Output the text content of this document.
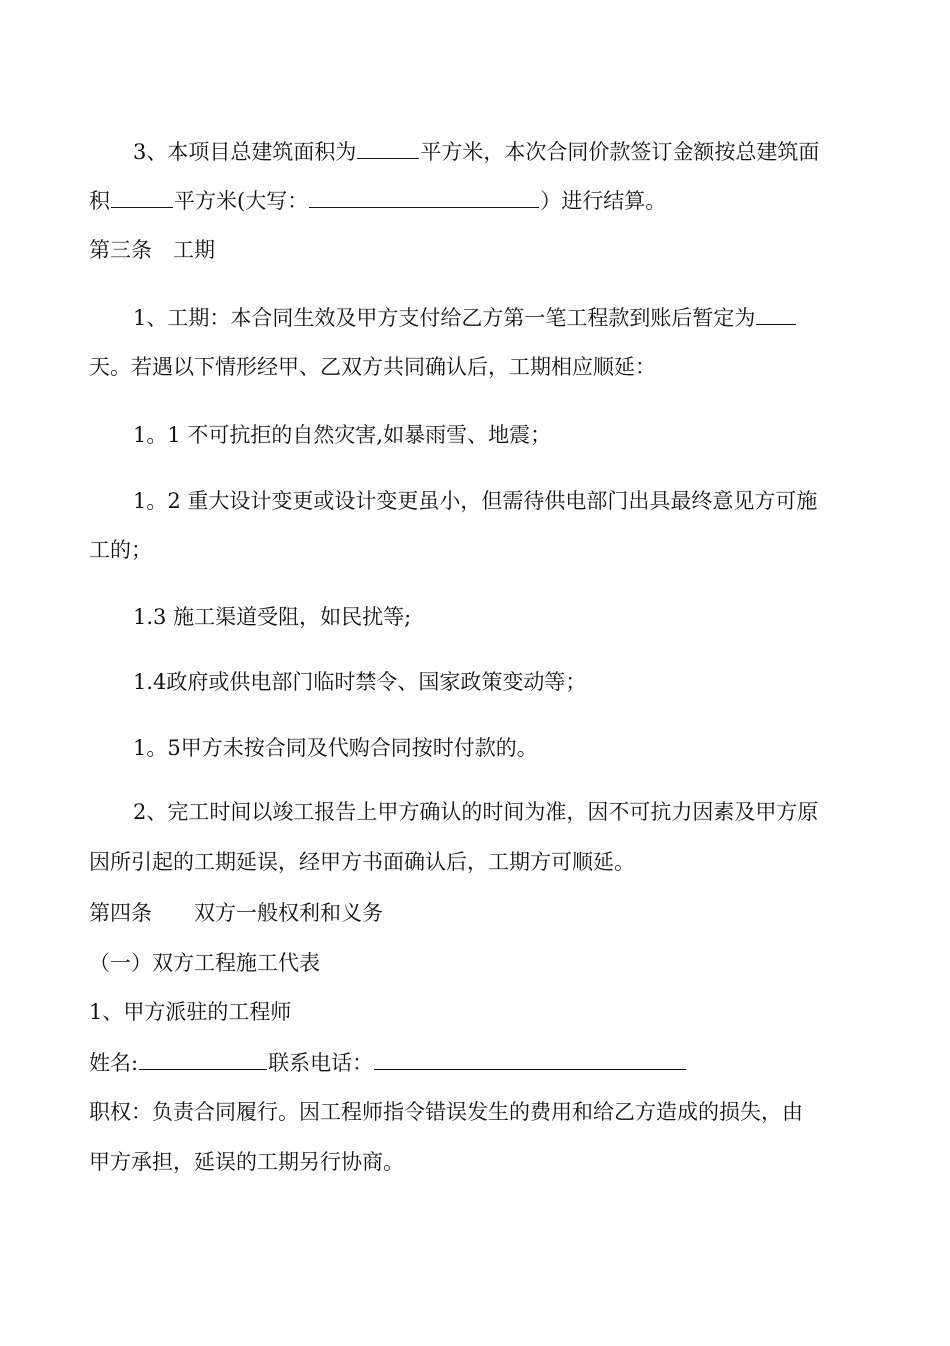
3、本项目总建筑面积为	平方米，本次合同价款签订金额按总建筑面
积	平方米(大写：	）进行结算。
第三条　工期
1、工期：本合同生效及甲方支付给乙方第一笔工程款到账后暂定为
天。若遇以下情形经甲、乙双方共同确认后，工期相应顺延：
1。1 不可抗拒的自然灾害,如暴雨雪、地震；
1。2 重大设计变更或设计变更虽小，但需待供电部门出具最终意见方可施
工的；
1.3 施工渠道受阻，如民扰等;
1.4政府或供电部门临时禁令、国家政策变动等；
1。5甲方未按合同及代购合同按时付款的。
2、完工时间以竣工报告上甲方确认的时间为准，因不可抗力因素及甲方原
因所引起的工期延误，经甲方书面确认后，工期方可顺延。
第四条　　双方一般权利和义务
（一）双方工程施工代表
1、甲方派驻的工程师
姓名:	联系电话：
职权：负责合同履行。因工程师指令错误发生的费用和给乙方造成的损失，由
甲方承担，延误的工期另行协商。
